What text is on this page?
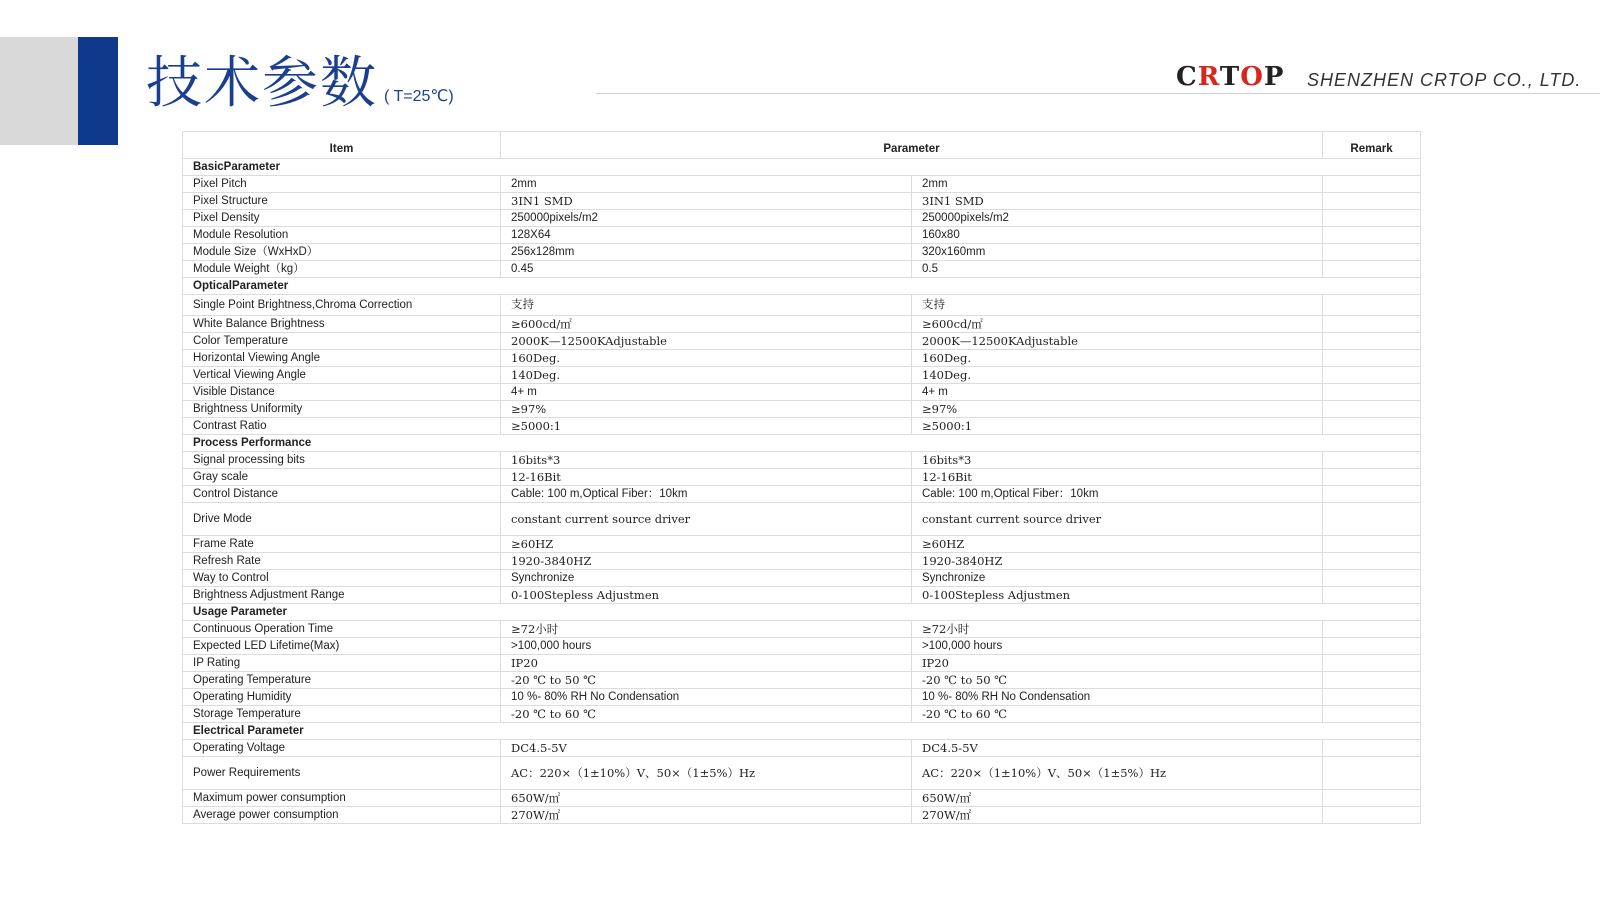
技术参数 ( T=25℃)
CRTOP SHENZHEN CRTOP CO., LTD.
Item	Parameter		Remark
BasicParameter			
Pixel Pitch	2mm	2mm	
Pixel Structure	3IN1 SMD	3IN1 SMD	
Pixel Density	250000pixels/m2	250000pixels/m2	
Module Resolution	128X64	160x80	
Module Size（WxHxD）	256x128mm	320x160mm	
Module Weight（kg）	0.45	0.5	
OpticalParameter			
Single Point Brightness,Chroma Correction	支持	支持	
White Balance Brightness	≥600cd/㎡	≥600cd/㎡	
Color Temperature	2000K—12500KAdjustable	2000K—12500KAdjustable	
Horizontal Viewing Angle	160Deg.	160Deg.	
Vertical Viewing Angle	140Deg.	140Deg.	
Visible Distance	4+ m	4+ m	
Brightness Uniformity	≥97%	≥97%	
Contrast Ratio	≥5000:1	≥5000:1	
Process Performance			
Signal processing bits	16bits*3	16bits*3	
Gray scale	12-16Bit	12-16Bit	
Control Distance	Cable: 100 m,Optical Fiber：10km	Cable: 100 m,Optical Fiber：10km	
Drive Mode	constant current source driver	constant current source driver	
Frame Rate	≥60HZ	≥60HZ	
Refresh Rate	1920-3840HZ	1920-3840HZ	
Way to Control	Synchronize	Synchronize	
Brightness Adjustment Range	0-100Stepless Adjustmen	0-100Stepless Adjustmen	
Usage Parameter			
Continuous Operation Time	≥72小时	≥72小时	
Expected LED Lifetime(Max)	>100,000 hours	>100,000 hours	
IP Rating	IP20	IP20	
Operating Temperature	-20 ℃ to 50 ℃	-20 ℃ to 50 ℃	
Operating Humidity	10 %- 80% RH No Condensation	10 %- 80% RH No Condensation	
Storage Temperature	-20 ℃ to 60 ℃	-20 ℃ to 60 ℃	
Electrical Parameter			
Operating Voltage	DC4.5-5V	DC4.5-5V	
Power Requirements	AC：220×（1±10%）V、50×（1±5%）Hz	AC：220×（1±10%）V、50×（1±5%）Hz	
Maximum power consumption	650W/㎡	650W/㎡	
Average power consumption	270W/㎡	270W/㎡	
